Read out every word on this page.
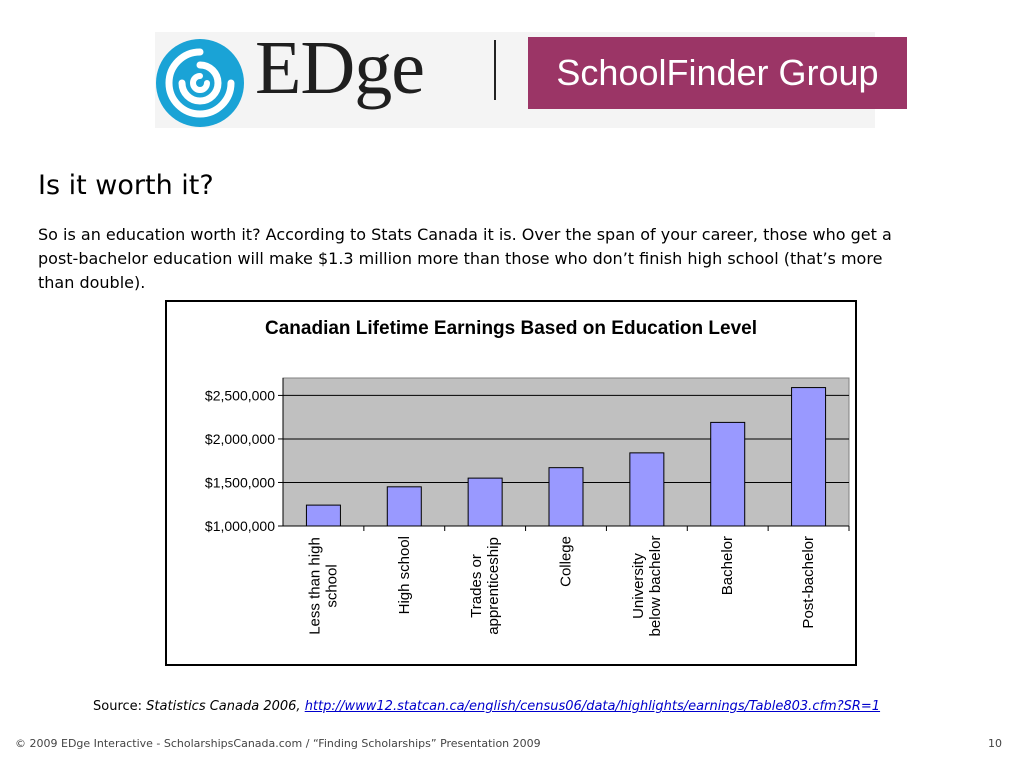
EDge	SchoolFinder Group
Is it worth it?
So is an education worth it? According to Stats Canada it is. Over the span of your career, those who get a post-bachelor education will make $1.3 million more than those who don’t finish high school (that’s more than double).
Canadian Lifetime Earnings Based on Education Level
$1,000,000
$1,500,000
$2,000,000
$2,500,000
Less than high school	High school	Trades or apprenticeship	College	University below bachelor	Bachelor	Post-bachelor
Source: Statistics Canada 2006, http://www12.statcan.ca/english/census06/data/highlights/earnings/Table803.cfm?SR=1
© 2009 EDge Interactive - ScholarshipsCanada.com / “Finding Scholarships” Presentation 2009	10
